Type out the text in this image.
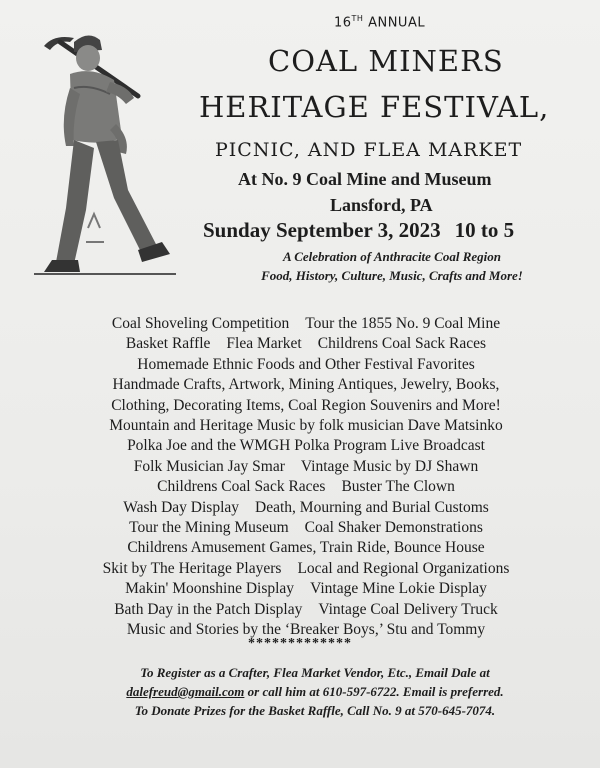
16TH ANNUAL
COAL MINERS
HERITAGE FESTIVAL,
PICNIC, AND FLEA MARKET
At No. 9 Coal Mine and Museum
Lansford, PA
Sunday September 3, 2023 10 to 5
A Celebration of Anthracite Coal Region
Food, History, Culture, Music, Crafts and More!
Coal Shoveling Competition Tour the 1855 No. 9 Coal Mine
Basket Raffle Flea Market Childrens Coal Sack Races
Homemade Ethnic Foods and Other Festival Favorites
Handmade Crafts, Artwork, Mining Antiques, Jewelry, Books,
Clothing, Decorating Items, Coal Region Souvenirs and More!
Mountain and Heritage Music by folk musician Dave Matsinko
Polka Joe and the WMGH Polka Program Live Broadcast
Folk Musician Jay Smar Vintage Music by DJ Shawn
Childrens Coal Sack Races Buster The Clown
Wash Day Display Death, Mourning and Burial Customs
Tour the Mining Museum Coal Shaker Demonstrations
Childrens Amusement Games, Train Ride, Bounce House
Skit by The Heritage Players Local and Regional Organizations
Makin' Moonshine Display Vintage Mine Lokie Display
Bath Day in the Patch Display Vintage Coal Delivery Truck
Music and Stories by the ‘Breaker Boys,’ Stu and Tommy
*************
To Register as a Crafter, Flea Market Vendor, Etc., Email Dale at
dalefreud@gmail.com or call him at 610-597-6722. Email is preferred.
To Donate Prizes for the Basket Raffle, Call No. 9 at 570-645-7074.
